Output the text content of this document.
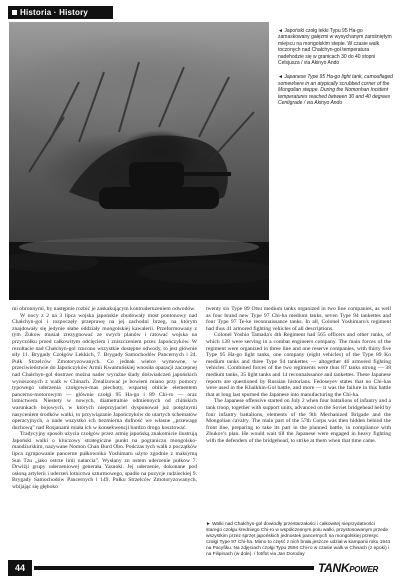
Historia · History

◄ Japoński czołg lekki Typu 95 Ha-go zamaskowany gałęzmi w wysychanym zarośniętym miejscu na mongolskim stepie. W czasie walk toczonych nad Chałchyn-gol temperatura nadehodzie się w granicach 30 do 40 stopni Celsjusza / via Akinyo Ando

◄ Japanese Type 95 Ha-go light tank, camouflaged somewhere in an atypically scrubbed corner of the Mongolian steppe. During the Nomonhan Incident temperatures reached between 30 and 40 degrees Centigrade / via Akinyo Ando

mi obronnymi, by następnie rozbić je zaskakującym kontrudernzeniem odwodów.

W nocy z 2 na 3 lipca wojska japońskie zbudowały most pontonowy nad Chałchyn-gol i rozpoczęły przeprawę na jej zachodni brzeg, na którym znajdowały się jedynie słabe oddziały mongolskiej kawalerii. Przeformowany z tym Żukow musiał zrezygnować ze swych planów i ratować wojska na przyczółku przed całkowitym odcięciem i zniszczeniem przez Japończyków. W rezultacie nad Chałchyn-gol rzucono wszystkie dostępne odwody, to jest głównie siły 11. Brygady Czołgów Lekkich, 7. Brygady Samochodów Pancernych i 24. Pułk Strzelców Zmotoryzowanych. Co jednak wielce wymowne, w przeciwieństwie do Japończyków Armii Kwantuńskiej wnosiła oparacji zaczepnej nad Chałchyn-gol dostrzec można nader wyraźne ślady doświadczeń japońskich wynoszonych z walk w Chinach. Zrealizować je bowiem miano przy pomocy typowego uderzenia czołgowo-mas piechoty, wspartej oblicie elementem pancerno-motorowym — głównie czołgi 95 Ha-go i 89 Chi-ro — oraz lotnictwem. Niestety w nowych, diametralnie odmiennych od chińskich warunkach bojowych, w których nieprzyjaciel dysponował już potężnymi nasyceniem środków walki, to przywiązanie Japończyków do utartych schematów operacyjnych, a nade wszystko ich bezmierna dufność we własne „przewagę duchową” nad Rosjanami miała ich w konsekwencji bardzo drogo kosztować.

Tradycyjny sposób użycia czołgów przez armię japońską znakomicie ilustrują Japoński walki o kluczowy strategiczne punkt na pograniczu mongolsko-mandżurskim, nazywane Nomon Chan Burd Obo. Podczas tych walk z początków lipca zgrupowanie pancerne pułkownika Yoshimaru użyto zgodnie z maksymą Sun Tzu „jako ostrze linii natarcia”. Wysłany zn ostem uderzenie pułkow 7. Drwiżji grupy uderzeniowej generała Yasuoki. Jej uderzenie, dokonane pod osłoną artylerii i uderzeń lotnictwa szturmowego, spadło na pozycje radzieckiej 9. Brygady Samochodów Pancernych i 149. Pułku Strzelców Zmotoryzowanych, wbijając się głęboko

twenty six Type 89 Otsu medium tanks organized in two line companies, as well as four brand new Type 97 Chi-ha medium tanks, seven Type 94 tankettes and four Type 97 Te-ke reconnaissance tanks. In all, Colonel Yoshimaru's regiment had thus 41 armored fighting vehicles of all descriptions.

Colonel Yoshio Tamada's 4th Regiment had 565 officers and other ranks, of which 128 were serving in a combat engineers company. The main forces of the regiment were organized in three line and one reserve companies, with thirty five Type 95 Ha-go light tanks, one company (eight vehicles) of the Type 89 Ko medium tanks and three Type 94 tankettes — altogether 46 armored fighting vehicles. Combined forces of the two regiments were thus 87 tanks strong — 38 medium tanks, 35 light tanks and 14 reconnaissance and tankettes. These Japanese reports are questioned by Russian historians. Fedoseyev states that no Chi-has were used in the Khalkhin-Gol battle, and more — it was the failure in this battle that at long last spurned the Japanese into manufacturing the Chi-ha.

The Japanese offensive started on July 2 when four battalions of infantry and a tank troop, together with support units, advanced on the Soviet bridgehead held by four infantry battalions, elements of the 9th Mechanized Brigade and the Mongolian cavalry. The main part of the 57th Corps was then hidden behind the front line, preparing to take its part in the planned battle, in compliance with Zhukov's plan. He would wait till the Japanese were engaged in heavy fighting with the defenders of the bridgehead, to strike at them when that time came.

► Walki nad Chałchyn-gol dowiodły przestarzałości i całkowitej nieprzydatności starego czołgu średniego Chi-ro w współczesnym polu walki, przystosowanym przede wszystkim przez sprzęt japońskich jednostek pancernych na mongolskiej przesyc czołgi Type 97 Chi-ha. Mimo to część z nich brała jeszcze udział w kampanii roku 1941 na Pacyfiku. Na zdjęciach czołgi Typu 2594 Chi-ro w czasie walk w Chinach (z epoki) i na Filipinach (w dole). / fot/fot via Jan Doroday
44	TANKPOWER
